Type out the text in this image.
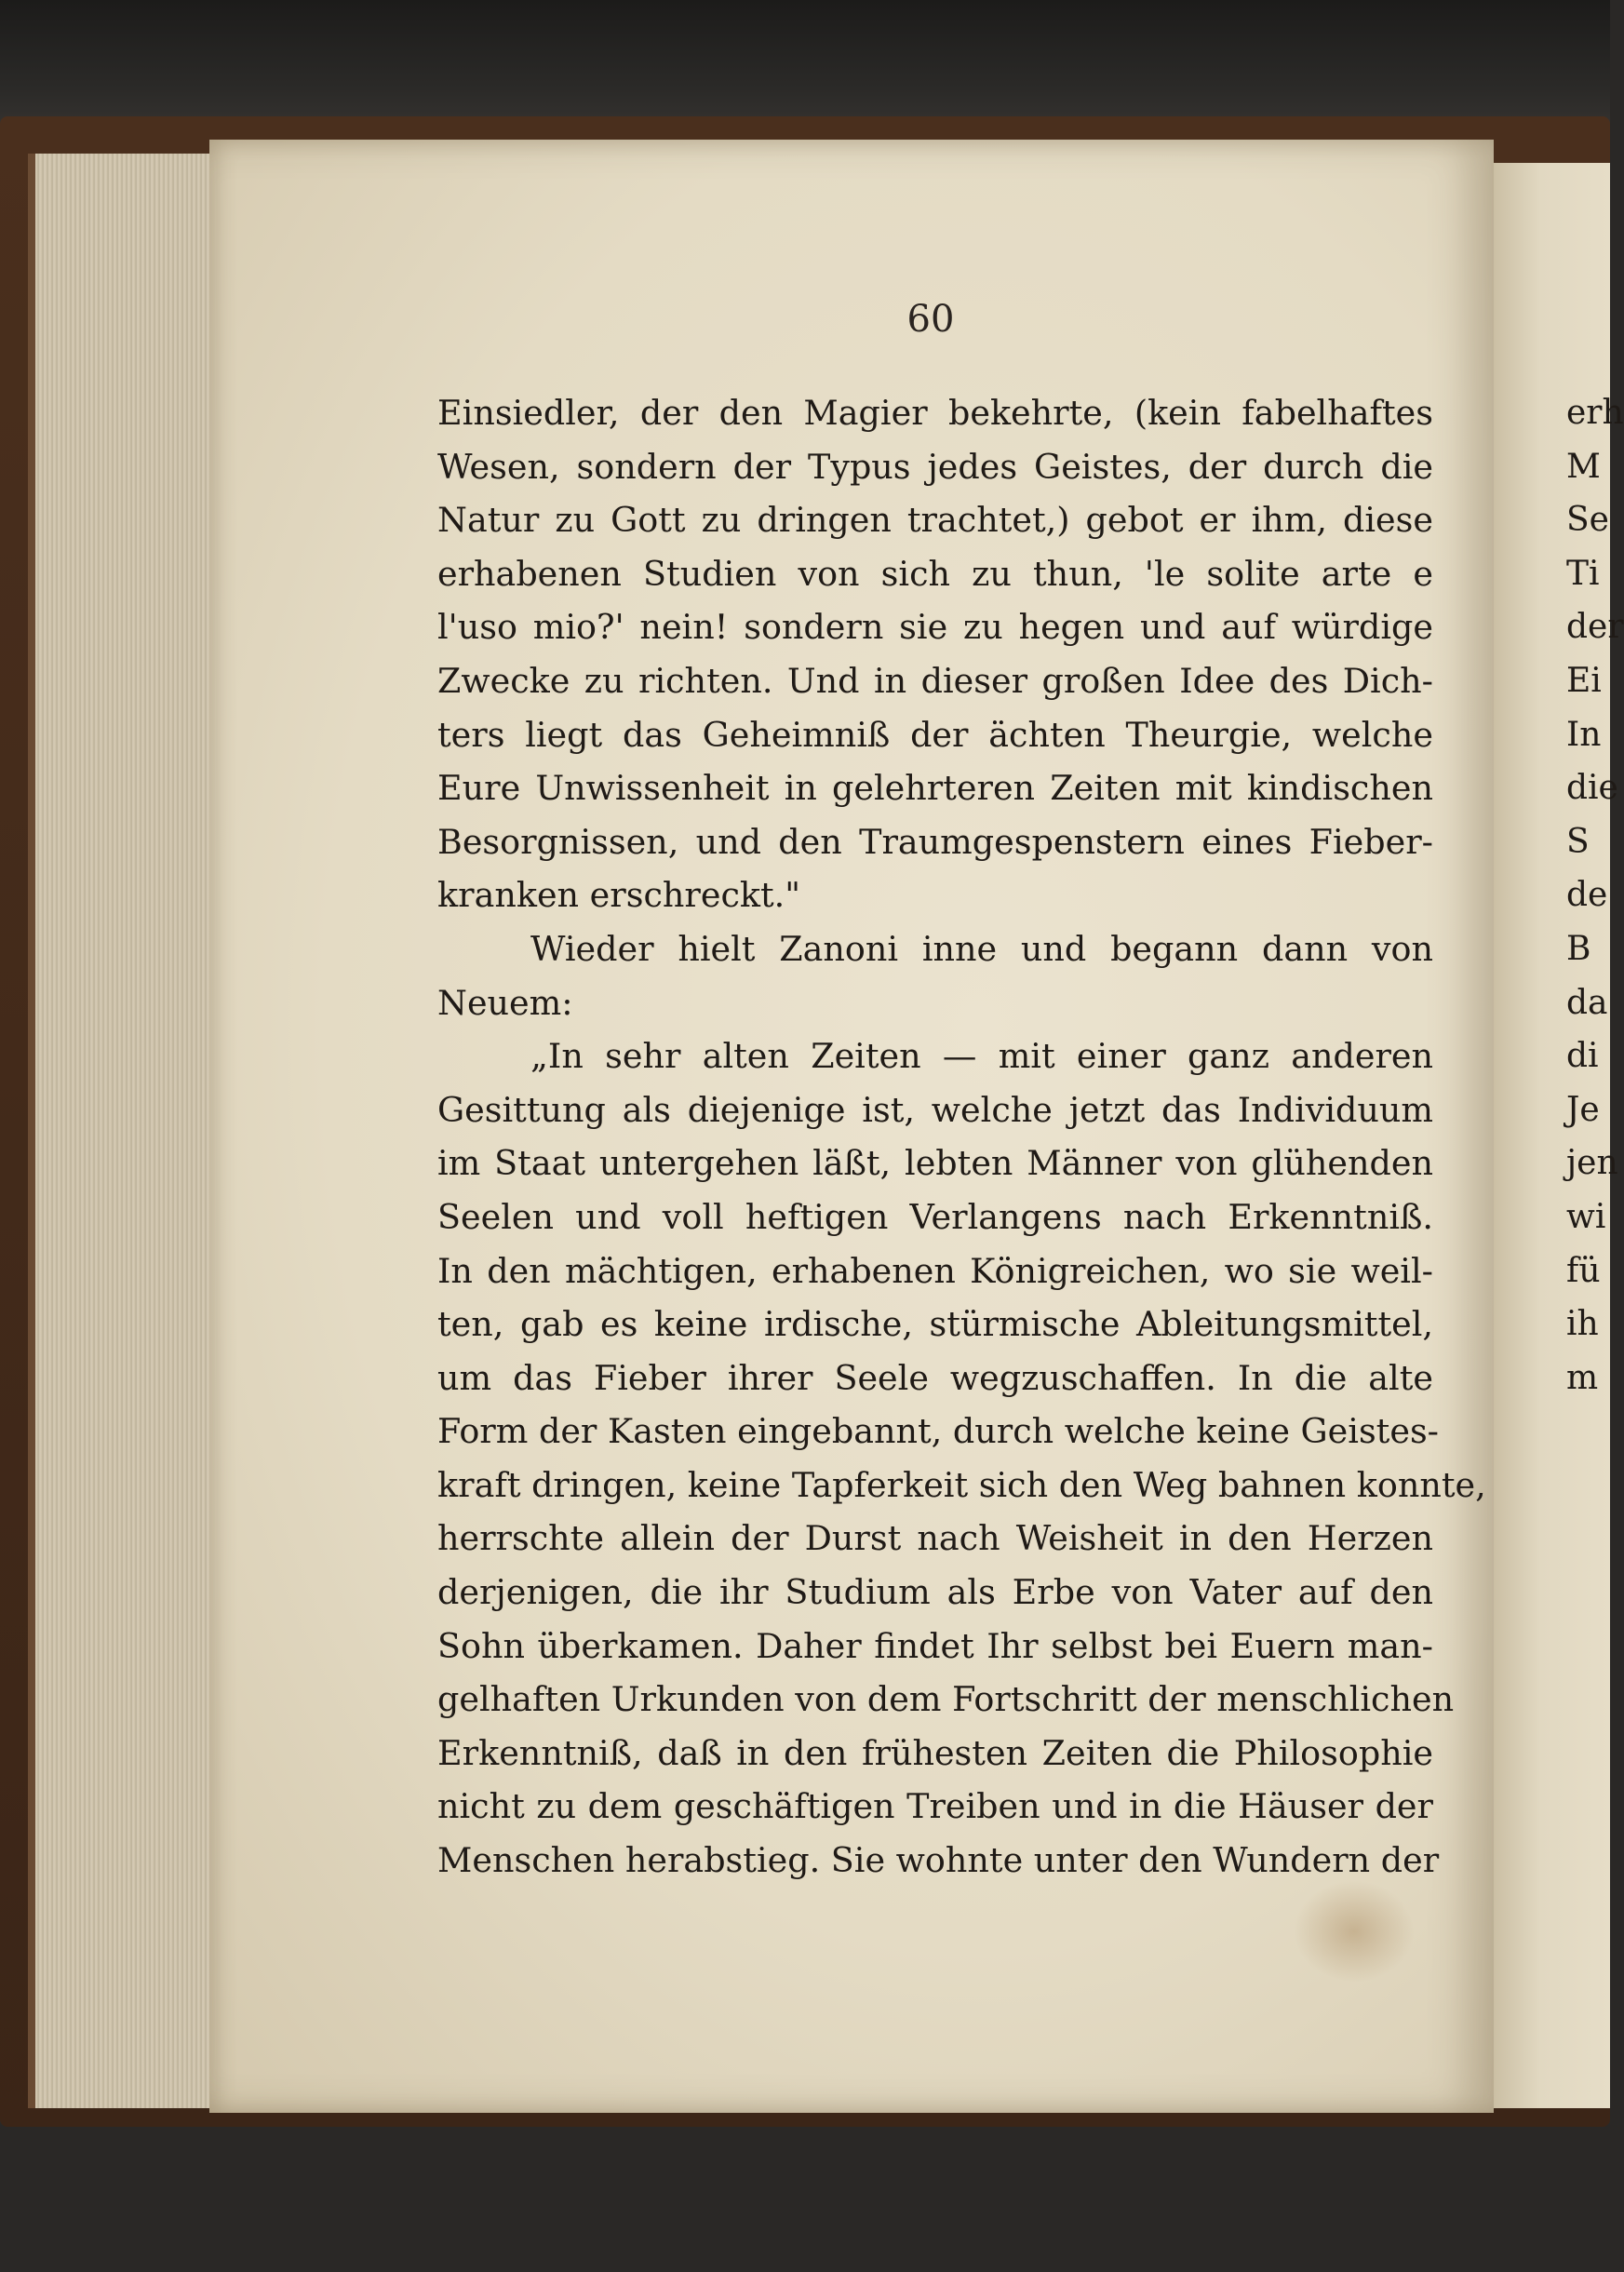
60
Einsiedler, der den Magier bekehrte, (kein fabelhaftes
Wesen, sondern der Typus jedes Geistes, der durch die
Natur zu Gott zu dringen trachtet,) gebot er ihm, diese
erhabenen Studien von sich zu thun, 'le solite arte e
l'uso mio?' nein! sondern sie zu hegen und auf würdige
Zwecke zu richten. Und in dieser großen Idee des Dich-
ters liegt das Geheimniß der ächten Theurgie, welche
Eure Unwissenheit in gelehrteren Zeiten mit kindischen
Besorgnissen, und den Traumgespenstern eines Fieber-
kranken erschreckt."
Wieder hielt Zanoni inne und begann dann von
Neuem:
„In sehr alten Zeiten — mit einer ganz anderen
Gesittung als diejenige ist, welche jetzt das Individuum
im Staat untergehen läßt, lebten Männer von glühenden
Seelen und voll heftigen Verlangens nach Erkenntniß.
In den mächtigen, erhabenen Königreichen, wo sie weil-
ten, gab es keine irdische, stürmische Ableitungsmittel,
um das Fieber ihrer Seele wegzuschaffen. In die alte
Form der Kasten eingebannt, durch welche keine Geistes-
kraft dringen, keine Tapferkeit sich den Weg bahnen konnte,
herrschte allein der Durst nach Weisheit in den Herzen
derjenigen, die ihr Studium als Erbe von Vater auf den
Sohn überkamen. Daher findet Ihr selbst bei Euern man-
gelhaften Urkunden von dem Fortschritt der menschlichen
Erkenntniß, daß in den frühesten Zeiten die Philosophie
nicht zu dem geschäftigen Treiben und in die Häuser der
Menschen herabstieg. Sie wohnte unter den Wundern der
erh
M
Se
Ti
der
Ei
In
die
S
de
B
da
di
Je
jen
wi
fü
ih
m
